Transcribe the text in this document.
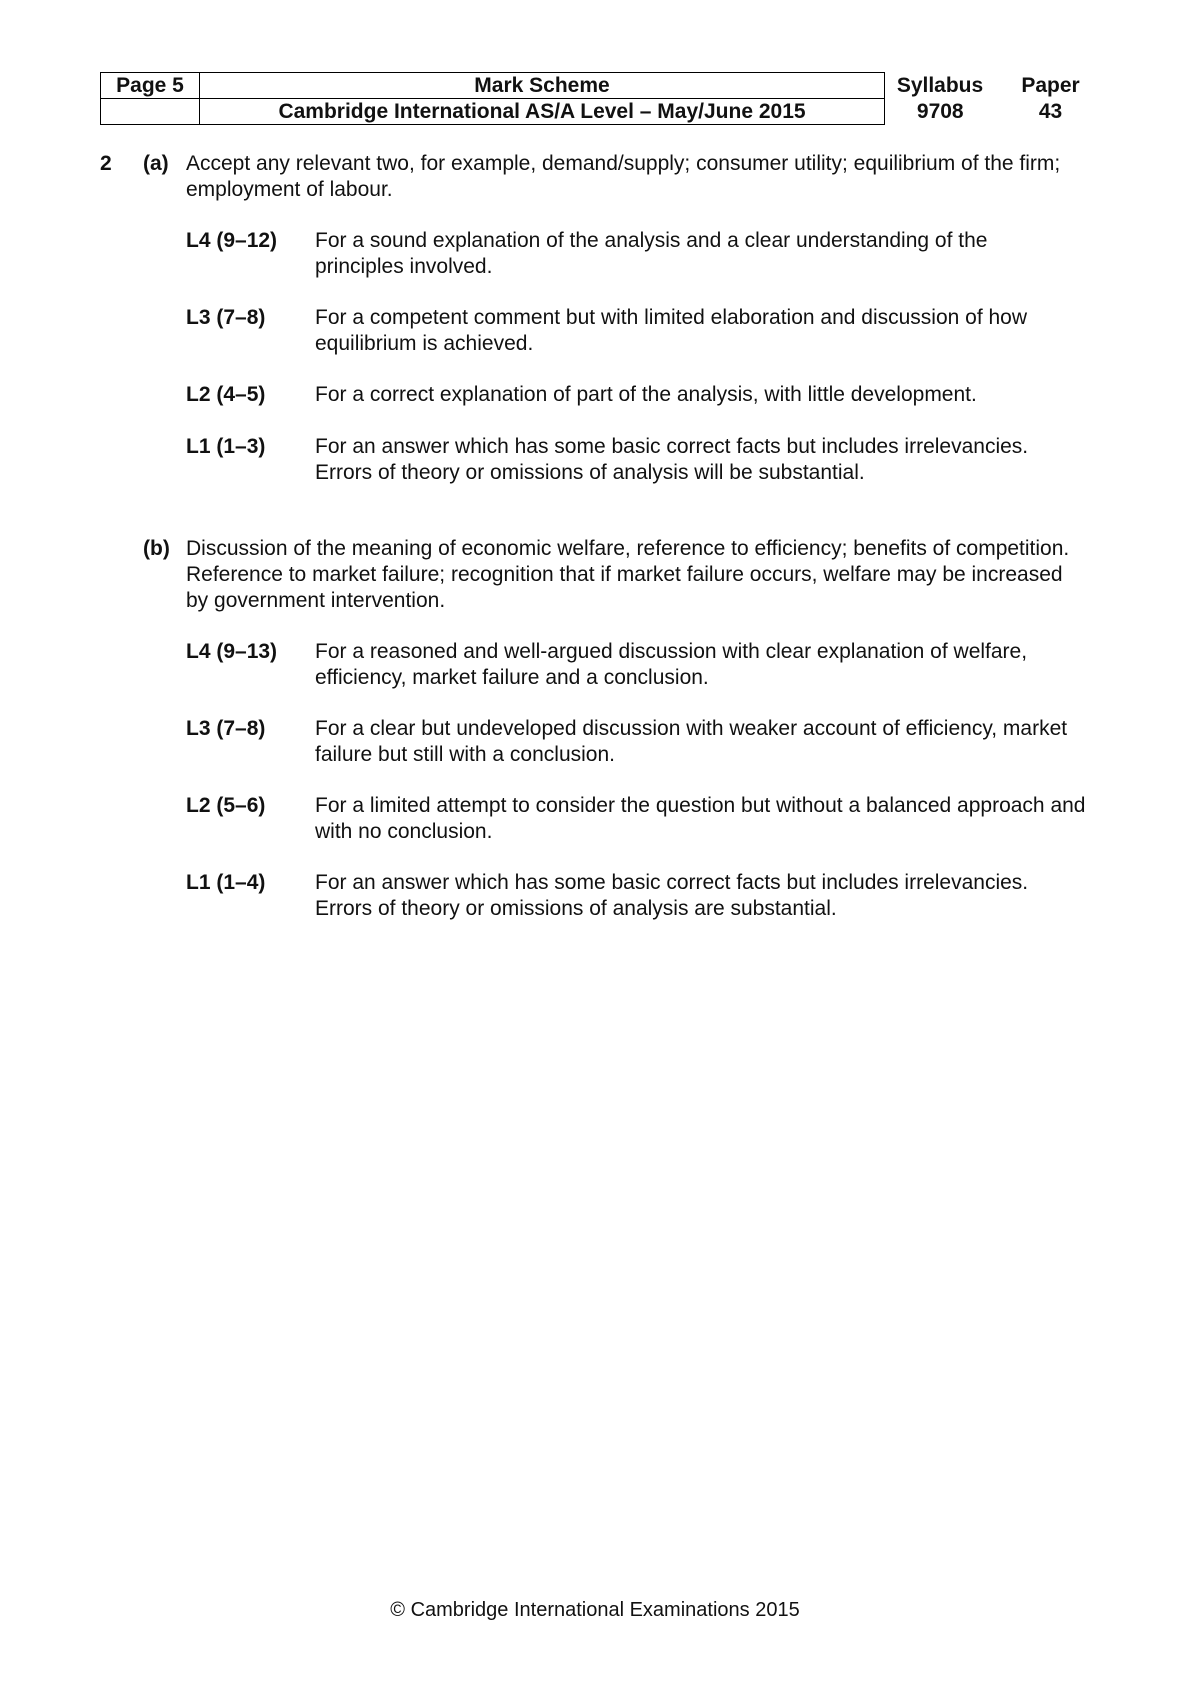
Page 5	Mark Scheme	Syllabus	Paper
	Cambridge International AS/A Level – May/June 2015	9708	43
2 (a) Accept any relevant two, for example, demand/supply; consumer utility; equilibrium of the firm; employment of labour.
L4 (9–12) For a sound explanation of the analysis and a clear understanding of the principles involved.
L3 (7–8) For a competent comment but with limited elaboration and discussion of how equilibrium is achieved.
L2 (4–5) For a correct explanation of part of the analysis, with little development.
L1 (1–3) For an answer which has some basic correct facts but includes irrelevancies. Errors of theory or omissions of analysis will be substantial.
(b) Discussion of the meaning of economic welfare, reference to efficiency; benefits of competition. Reference to market failure; recognition that if market failure occurs, welfare may be increased by government intervention.
L4 (9–13) For a reasoned and well-argued discussion with clear explanation of welfare, efficiency, market failure and a conclusion.
L3 (7–8) For a clear but undeveloped discussion with weaker account of efficiency, market failure but still with a conclusion.
L2 (5–6) For a limited attempt to consider the question but without a balanced approach and with no conclusion.
L1 (1–4) For an answer which has some basic correct facts but includes irrelevancies. Errors of theory or omissions of analysis are substantial.
© Cambridge International Examinations 2015
